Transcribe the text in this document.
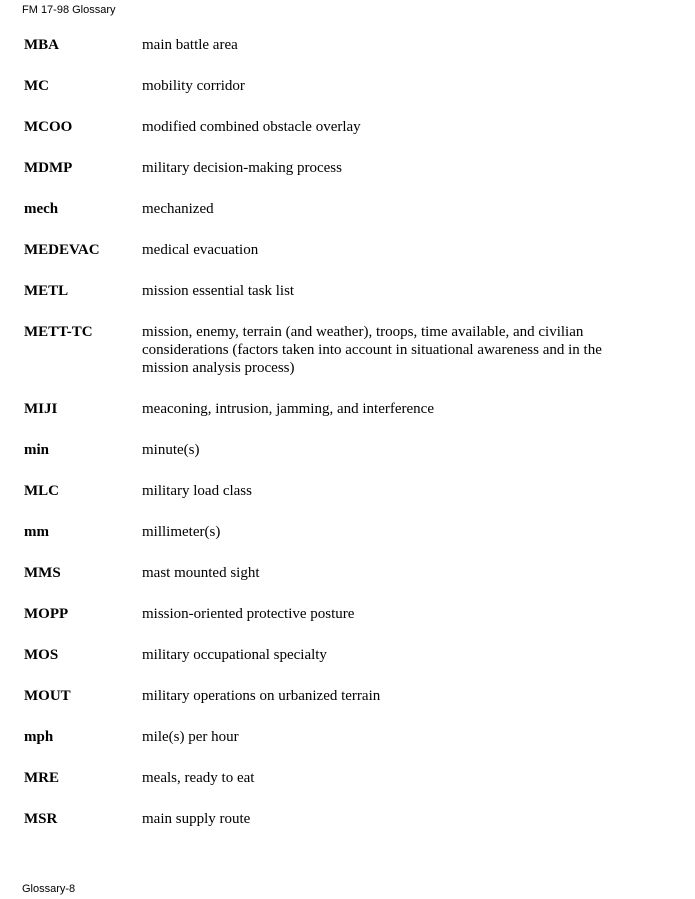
FM 17-98 Glossary
MBA	main battle area
MC	mobility corridor
MCOO	modified combined obstacle overlay
MDMP	military decision-making process
mech	mechanized
MEDEVAC	medical evacuation
METL	mission essential task list
METT-TC	mission, enemy, terrain (and weather), troops, time available, and civilian considerations (factors taken into account in situational awareness and in the mission analysis process)
MIJI	meaconing, intrusion, jamming, and interference
min	minute(s)
MLC	military load class
mm	millimeter(s)
MMS	mast mounted sight
MOPP	mission-oriented protective posture
MOS	military occupational specialty
MOUT	military operations on urbanized terrain
mph	mile(s) per hour
MRE	meals, ready to eat
MSR	main supply route
Glossary-8
